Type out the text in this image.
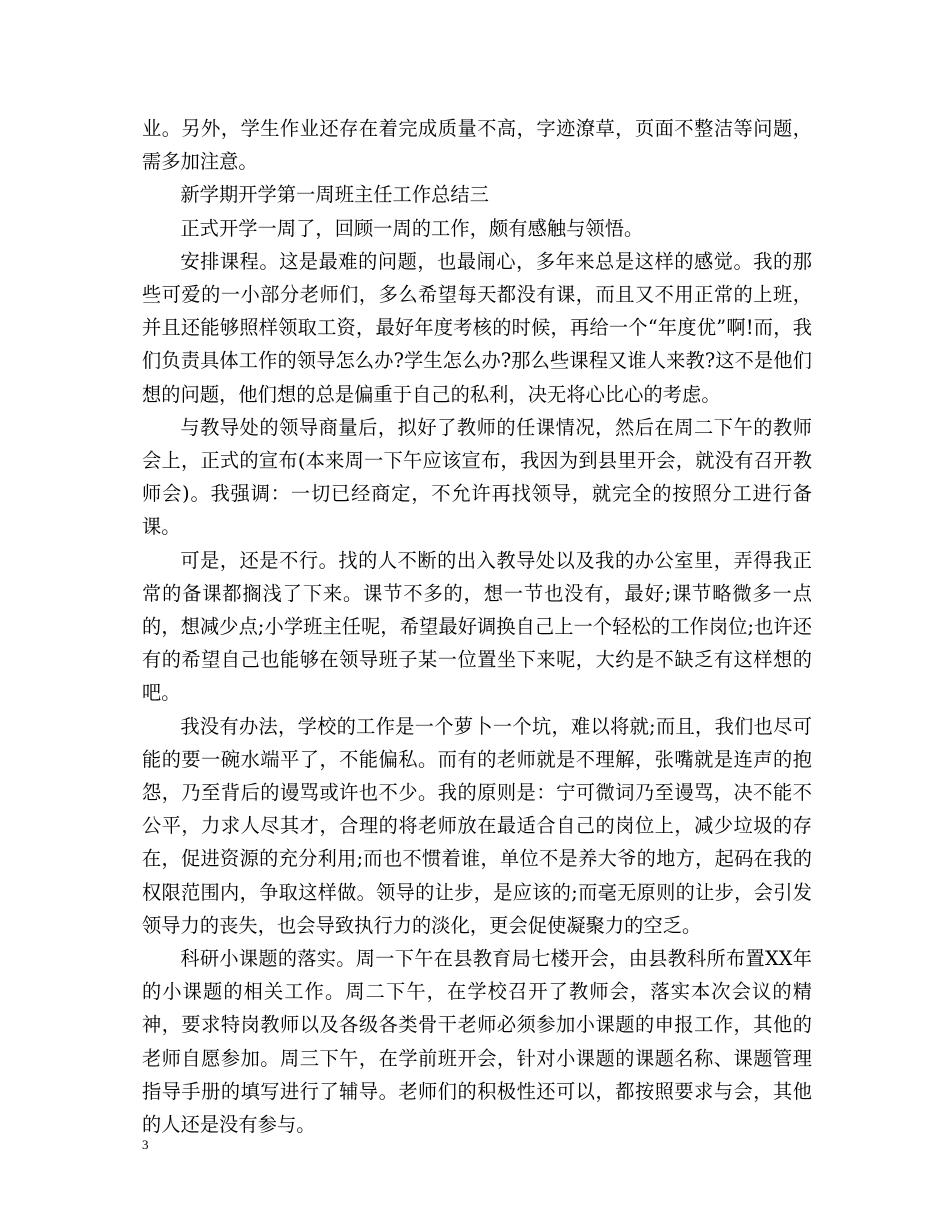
业。另外，学生作业还存在着完成质量不高，字迹潦草，页面不整洁等问题，需多加注意。

新学期开学第一周班主任工作总结三

正式开学一周了，回顾一周的工作，颇有感触与领悟。

安排课程。这是最难的问题，也最闹心，多年来总是这样的感觉。我的那些可爱的一小部分老师们，多么希望每天都没有课，而且又不用正常的上班，并且还能够照样领取工资，最好年度考核的时候，再给一个“年度优”啊!而，我们负责具体工作的领导怎么办?学生怎么办?那么些课程又谁人来教?这不是他们想的问题，他们想的总是偏重于自己的私利，决无将心比心的考虑。

与教导处的领导商量后，拟好了教师的任课情况，然后在周二下午的教师会上，正式的宣布(本来周一下午应该宣布，我因为到县里开会，就没有召开教师会)。我强调：一切已经商定，不允许再找领导，就完全的按照分工进行备课。

可是，还是不行。找的人不断的出入教导处以及我的办公室里，弄得我正常的备课都搁浅了下来。课节不多的，想一节也没有，最好;课节略微多一点的，想减少点;小学班主任呢，希望最好调换自己上一个轻松的工作岗位;也许还有的希望自己也能够在领导班子某一位置坐下来呢，大约是不缺乏有这样想的吧。

我没有办法，学校的工作是一个萝卜一个坑，难以将就;而且，我们也尽可能的要一碗水端平了，不能偏私。而有的老师就是不理解，张嘴就是连声的抱怨，乃至背后的谩骂或许也不少。我的原则是：宁可微词乃至谩骂，决不能不公平，力求人尽其才，合理的将老师放在最适合自己的岗位上，减少垃圾的存在，促进资源的充分利用;而也不惯着谁，单位不是养大爷的地方，起码在我的权限范围内，争取这样做。领导的让步，是应该的;而毫无原则的让步，会引发领导力的丧失，也会导致执行力的淡化，更会促使凝聚力的空乏。

科研小课题的落实。周一下午在县教育局七楼开会，由县教科所布置XX年的小课题的相关工作。周二下午，在学校召开了教师会，落实本次会议的精神，要求特岗教师以及各级各类骨干老师必须参加小课题的申报工作，其他的老师自愿参加。周三下午，在学前班开会，针对小课题的课题名称、课题管理指导手册的填写进行了辅导。老师们的积极性还可以，都按照要求与会，其他的人还是没有参与。

3
